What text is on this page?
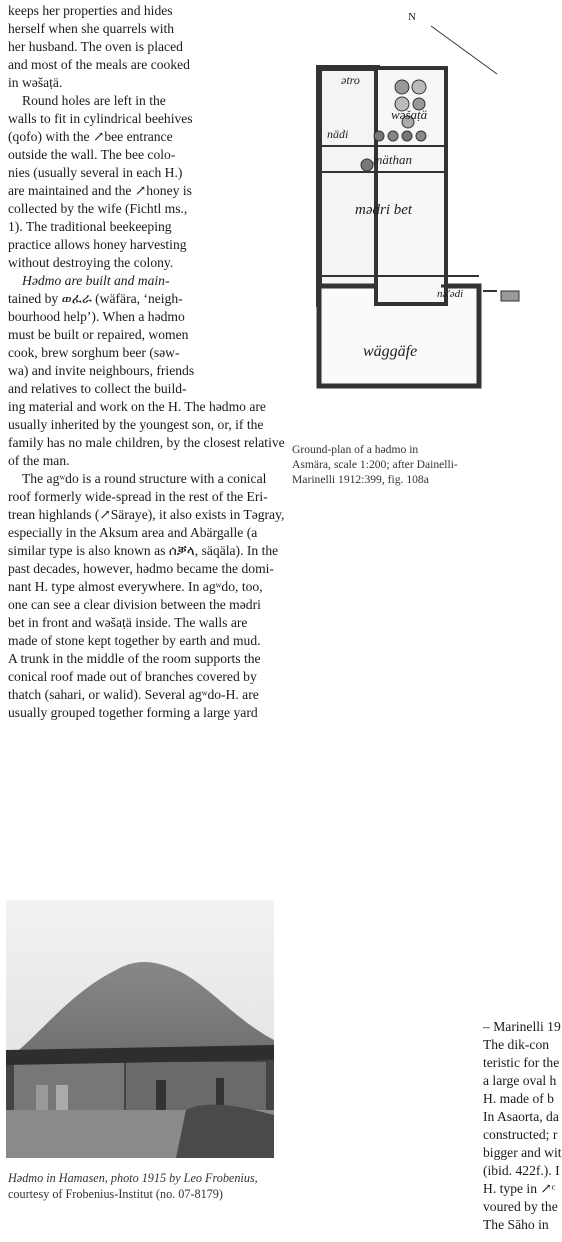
keeps her properties and hides
herself when she quarrels with
her husband. The oven is placed
and most of the meals are cooked
in wəšaṭä.
Round holes are left in the
walls to fit in cylindrical beehives
(qofo) with the ↗bee entrance
outside the wall. The bee colo-
nies (usually several in each H.)
are maintained and the ↗honey is
collected by the wife (Fichtl ms.,
1). The traditional beekeeping
practice allows honey harvesting
without destroying the colony.
Hədmo are built and main-
tained by ወፈራ (wäfära, ‘neigh-
bourhood help’). When a hədmo
must be built or repaired, women
cook, brew sorghum beer (səw-
wa) and invite neighbours, friends
and relatives to collect the build-
ing material and work on the H. The hədmo are
usually inherited by the youngest son, or, if the
family has no male children, by the closest relative
of the man.
The agʷdo is a round structure with a conical
roof formerly wide-spread in the rest of the Eri-
trean highlands (↗Säraye), it also exists in Təgray,
especially in the Aksum area and Abärgalle (a
similar type is also known as ሰቓላ, säqäla). In the
past decades, however, hədmo became the domi-
nant H. type almost everywhere. In agʷdo, too,
one can see a clear division between the mədri
bet in front and wəšaṭä inside. The walls are
made of stone kept together by earth and mud.
A trunk in the middle of the room supports the
conical roof made out of branches covered by
thatch (sahari, or walid). Several agʷdo-H. are
usually grouped together forming a large yard
– Marinelli 19
The dik-con
teristic for the
a large oval h
H. made of b
In Asaorta, da
constructed; r
bigger and wit
(ibid. 422f.). I
H. type in ↗ᶜ
voured by the
The Sāho in
N
ətro
wəšaṭä
nädi
mäthan
mədri bet
nə'ədi
wäggäfe
Ground-plan of a hədmo in
Asmära, scale 1:200; after Dainelli-
Marinelli 1912:399, fig. 108a
Hədmo in Hamasen, photo 1915 by Leo Frobenius,
courtesy of Frobenius-Institut (no. 07-8179)
